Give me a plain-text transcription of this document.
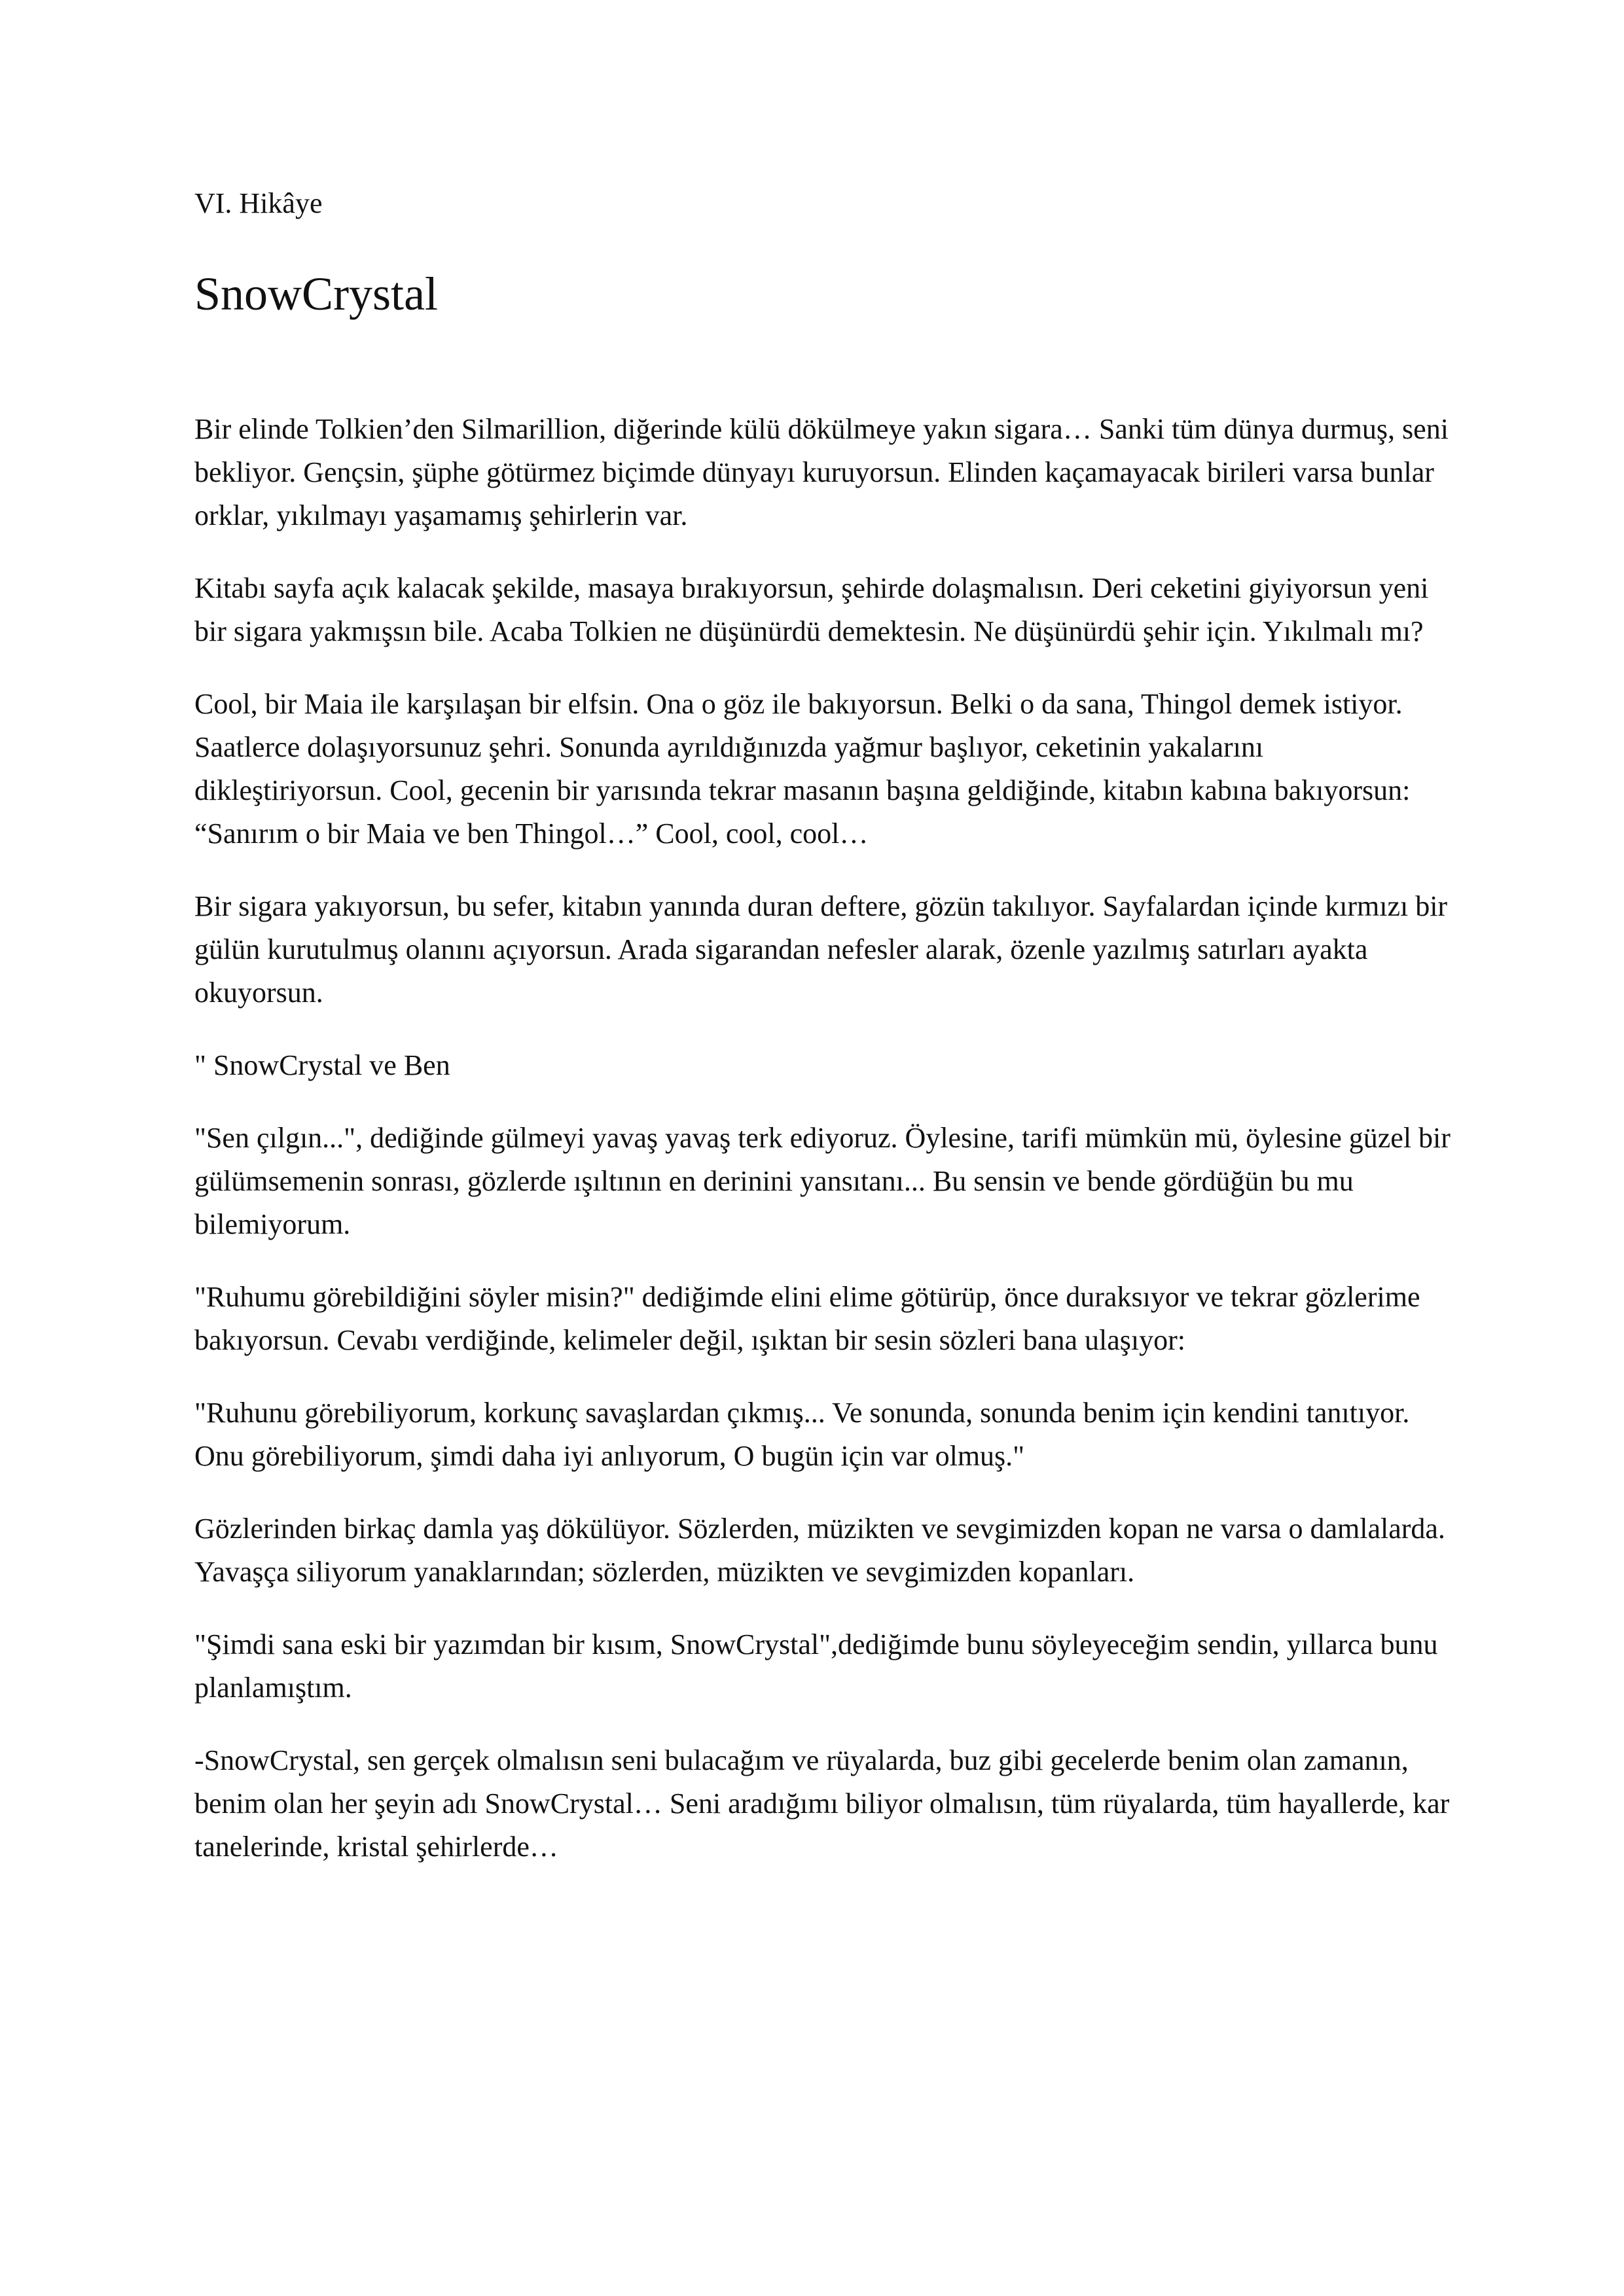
VI. Hikâye

SnowCrystal

Bir elinde Tolkien’den Silmarillion, diğerinde külü dökülmeye yakın sigara… Sanki tüm dünya durmuş, seni bekliyor. Gençsin, şüphe götürmez biçimde dünyayı kuruyorsun. Elinden kaçamayacak birileri varsa bunlar orklar, yıkılmayı yaşamamış şehirlerin var.

Kitabı sayfa açık kalacak şekilde, masaya bırakıyorsun, şehirde dolaşmalısın. Deri ceketini giyiyorsun yeni bir sigara yakmışsın bile. Acaba Tolkien ne düşünürdü demektesin. Ne düşünürdü şehir için. Yıkılmalı mı?

Cool, bir Maia ile karşılaşan bir elfsin. Ona o göz ile bakıyorsun. Belki o da sana, Thingol demek istiyor. Saatlerce dolaşıyorsunuz şehri. Sonunda ayrıldığınızda yağmur başlıyor, ceketinin yakalarını dikleştiriyorsun. Cool, gecenin bir yarısında tekrar masanın başına geldiğinde, kitabın kabına bakıyorsun: “Sanırım o bir Maia ve ben Thingol…” Cool, cool, cool…

Bir sigara yakıyorsun, bu sefer, kitabın yanında duran deftere, gözün takılıyor. Sayfalardan içinde kırmızı bir gülün kurutulmuş olanını açıyorsun. Arada sigarandan nefesler alarak, özenle yazılmış satırları ayakta okuyorsun.

" SnowCrystal ve Ben

"Sen çılgın...", dediğinde gülmeyi yavaş yavaş terk ediyoruz. Öylesine, tarifi mümkün mü, öylesine güzel bir gülümsemenin sonrası, gözlerde ışıltının en derinini yansıtanı... Bu sensin ve bende gördüğün bu mu bilemiyorum.

"Ruhumu görebildiğini söyler misin?" dediğimde elini elime götürüp, önce duraksıyor ve tekrar gözlerime bakıyorsun. Cevabı verdiğinde, kelimeler değil, ışıktan bir sesin sözleri bana ulaşıyor:

"Ruhunu görebiliyorum, korkunç savaşlardan çıkmış... Ve sonunda, sonunda benim için kendini tanıtıyor. Onu görebiliyorum, şimdi daha iyi anlıyorum, O bugün için var olmuş."

Gözlerinden birkaç damla yaş dökülüyor. Sözlerden, müzikten ve sevgimizden kopan ne varsa o damlalarda. Yavaşça siliyorum yanaklarından; sözlerden, müzikten ve sevgimizden kopanları.

"Şimdi sana eski bir yazımdan bir kısım, SnowCrystal",dediğimde bunu söyleyeceğim sendin, yıllarca bunu planlamıştım.

-SnowCrystal, sen gerçek olmalısın seni bulacağım ve rüyalarda, buz gibi gecelerde benim olan zamanın, benim olan her şeyin adı SnowCrystal… Seni aradığımı biliyor olmalısın, tüm rüyalarda, tüm hayallerde, kar tanelerinde, kristal şehirlerde…
